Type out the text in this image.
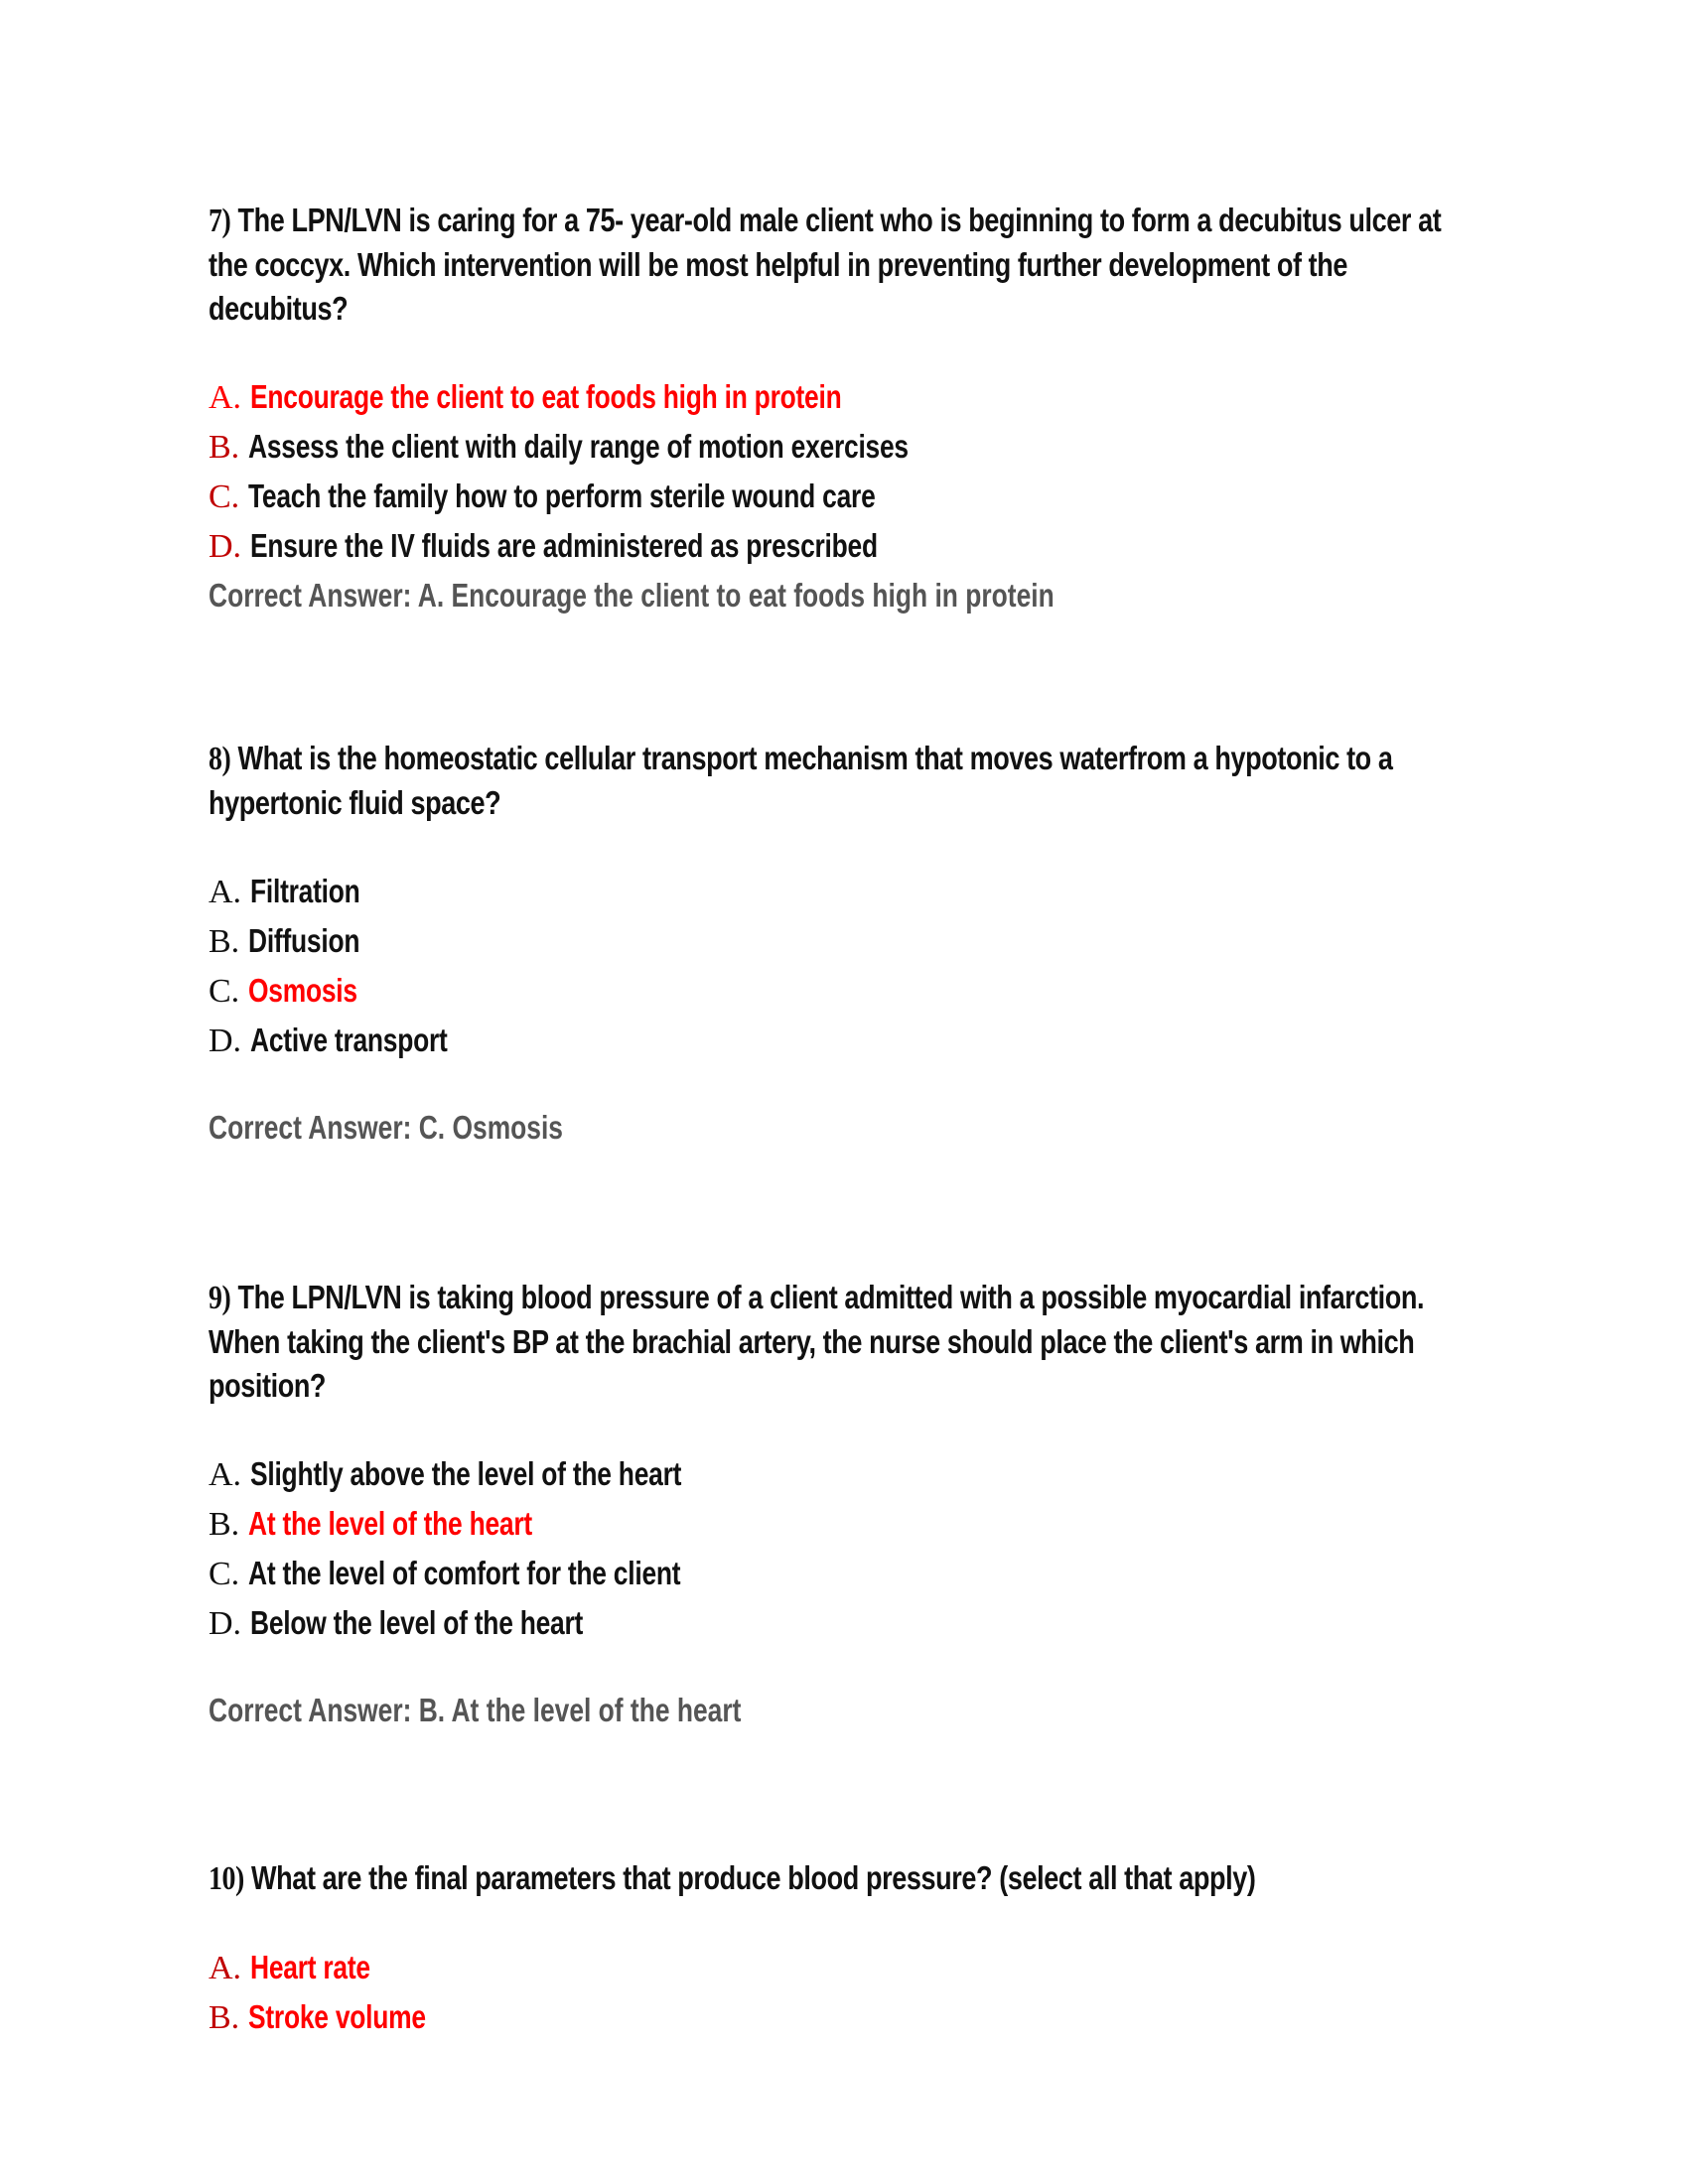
7) The LPN/LVN is caring for a 75- year-old male client who is beginning to form a decubitus ulcer at the coccyx. Which intervention will be most helpful in preventing further development of the decubitus?
A. Encourage the client to eat foods high in protein
B. Assess the client with daily range of motion exercises
C. Teach the family how to perform sterile wound care
D. Ensure the IV fluids are administered as prescribed
Correct Answer: A. Encourage the client to eat foods high in protein
8) What is the homeostatic cellular transport mechanism that moves waterfrom a hypotonic to a hypertonic fluid space?
A. Filtration
B. Diffusion
C. Osmosis
D. Active transport
Correct Answer: C. Osmosis
9) The LPN/LVN is taking blood pressure of a client admitted with a possible myocardial infarction. When taking the client's BP at the brachial artery, the nurse should place the client's arm in which position?
A. Slightly above the level of the heart
B. At the level of the heart
C. At the level of comfort for the client
D. Below the level of the heart
Correct Answer: B. At the level of the heart
10) What are the final parameters that produce blood pressure? (select all that apply)
A. Heart rate
B. Stroke volume
